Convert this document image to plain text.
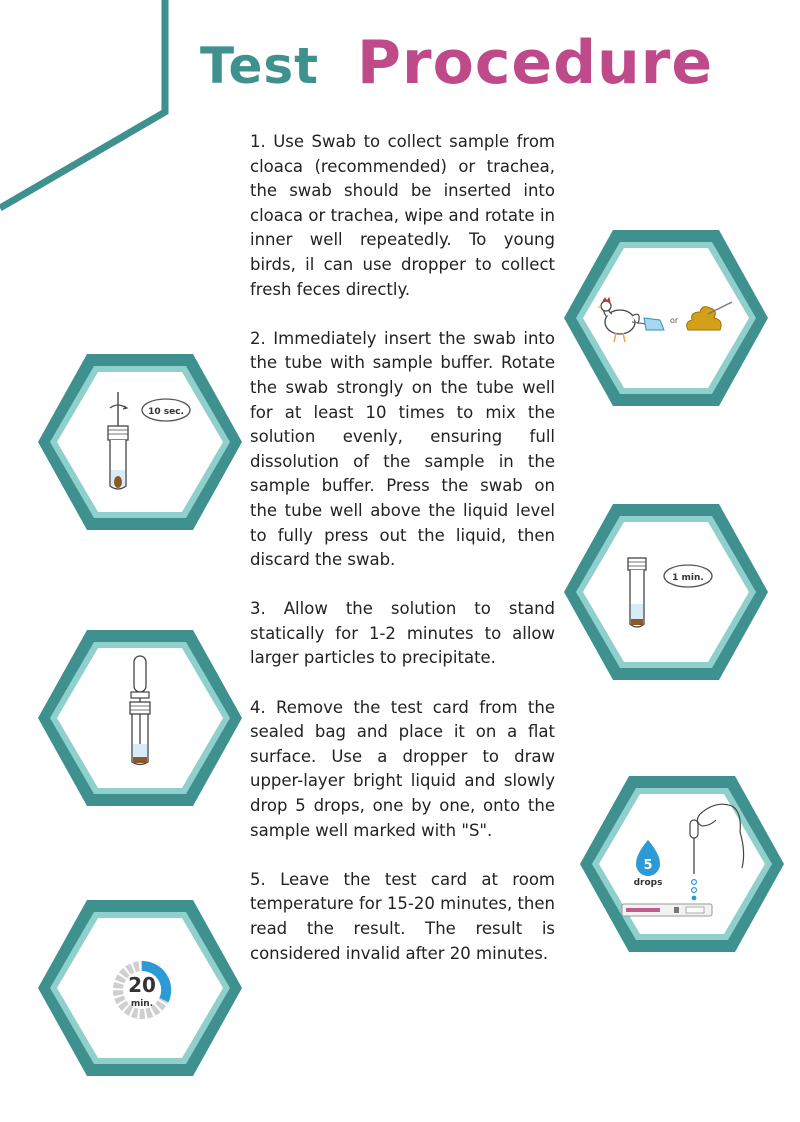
Test Procedure

1. Use Swab to collect sample from cloaca (recommended) or trachea, the swab should be inserted into cloaca or trachea, wipe and rotate in inner well repeatedly. To young birds, il can use dropper to collect fresh feces directly.

2. Immediately insert the swab into the tube with sample buffer. Rotate the swab strongly on the tube well for at least 10 times to mix the solution evenly, ensuring full dissolution of the sample in the sample buffer. Press the swab on the tube well above the liquid level to fully press out the liquid, then discard the swab.

3. Allow the solution to stand statically for 1-2 minutes to allow larger particles to precipitate.

4. Remove the test card from the sealed bag and place it on a flat surface. Use a dropper to draw upper-layer bright liquid and slowly drop 5 drops, one by one, onto the sample well marked with "S".

5. Leave the test card at room temperature for 15-20 minutes, then read the result. The result is considered invalid after 20 minutes.

or
10 sec.
1 min.
5
drops
20
min.
